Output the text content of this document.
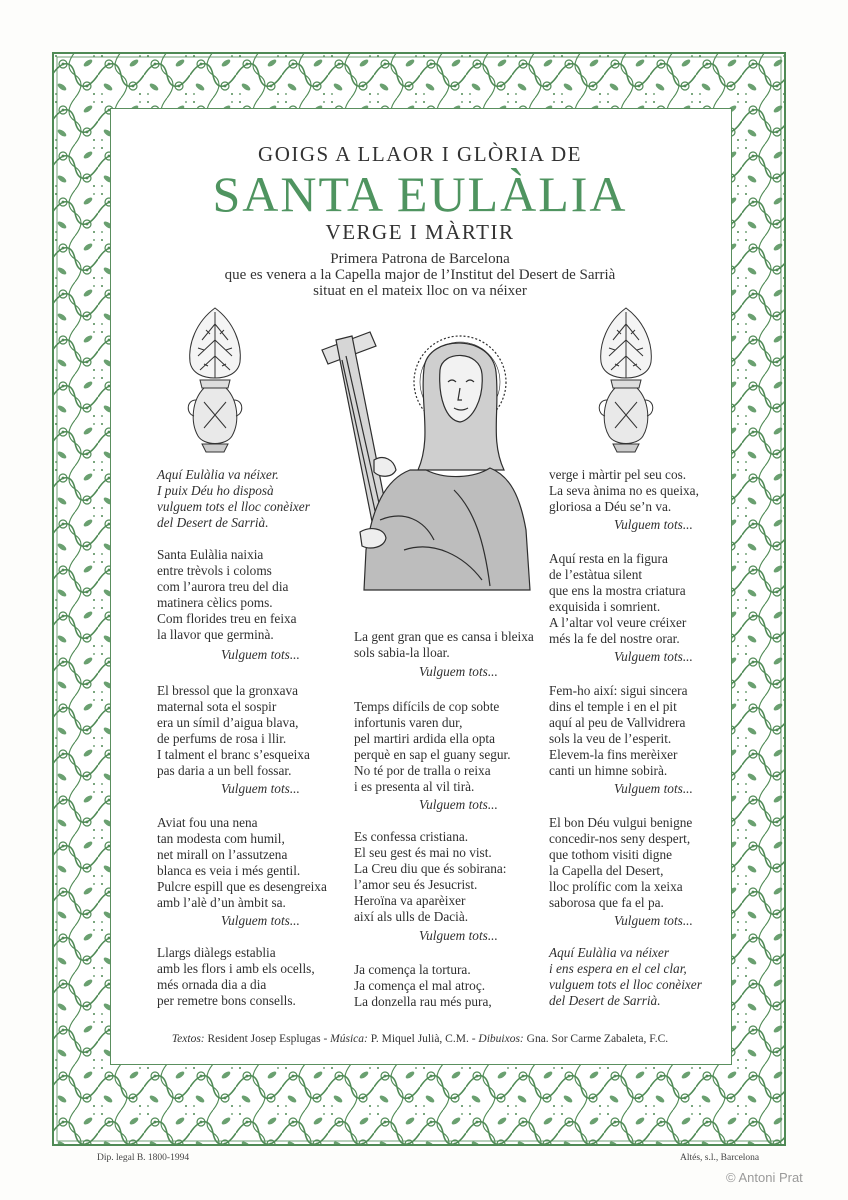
GOIGS A LLAOR I GLÒRIA DE
SANTA EULÀLIA
VERGE I MÀRTIR
Primera Patrona de Barcelona
que es venera a la Capella major de l’Institut del Desert de Sarrià
situat en el mateix lloc on va néixer
Aquí Eulàlia va néixer.
I puix Déu ho disposà
vulguem tots el lloc conèixer
del Desert de Sarrià.
Santa Eulàlia naixia
entre trèvols i coloms
com l’aurora treu del dia
matinera cèlics poms.
Com florides treu en feixa
la llavor que germinà.
Vulguem tots...
El bressol que la gronxava
maternal sota el sospir
era un símil d’aigua blava,
de perfums de rosa i llir.
I talment el branc s’esqueixa
pas daria a un bell fossar.
Vulguem tots...
Aviat fou una nena
tan modesta com humil,
net mirall on l’assutzena
blanca es veia i més gentil.
Pulcre espill que es desengreixa
amb l’alè d’un àmbit sa.
Vulguem tots...
Llargs diàlegs establia
amb les flors i amb els ocells,
més ornada dia a dia
per remetre bons consells.
La gent gran que es cansa i bleixa
sols sabia-la lloar.
Vulguem tots...
Temps difícils de cop sobte
infortunis varen dur,
pel martiri ardida ella opta
perquè en sap el guany segur.
No té por de tralla o reixa
i es presenta al vil tirà.
Vulguem tots...
Es confessa cristiana.
El seu gest és mai no vist.
La Creu diu que és sobirana:
l’amor seu és Jesucrist.
Heroïna va aparèixer
així als ulls de Dacià.
Vulguem tots...
Ja comença la tortura.
Ja comença el mal atroç.
La donzella rau més pura,
verge i màrtir pel seu cos.
La seva ànima no es queixa,
gloriosa a Déu se’n va.
Vulguem tots...
Aquí resta en la figura
de l’estàtua silent
que ens la mostra criatura
exquisida i somrient.
A l’altar vol veure créixer
més la fe del nostre orar.
Vulguem tots...
Fem-ho així: sigui sincera
dins el temple i en el pit
aquí al peu de Vallvidrera
sols la veu de l’esperit.
Elevem-la fins merèixer
canti un himne sobirà.
Vulguem tots...
El bon Déu vulgui benigne
concedir-nos seny despert,
que tothom visiti digne
la Capella del Desert,
lloc prolífic com la xeixa
saborosa que fa el pa.
Vulguem tots...
Aquí Eulàlia va néixer
i ens espera en el cel clar,
vulguem tots el lloc conèixer
del Desert de Sarrià.
Textos: Resident Josep Esplugas - Música: P. Miquel Julià, C.M. - Dibuixos: Gna. Sor Carme Zabaleta, F.C.
Dip. legal B. 1800-1994	Altés, s.l., Barcelona
© Antoni Prat
